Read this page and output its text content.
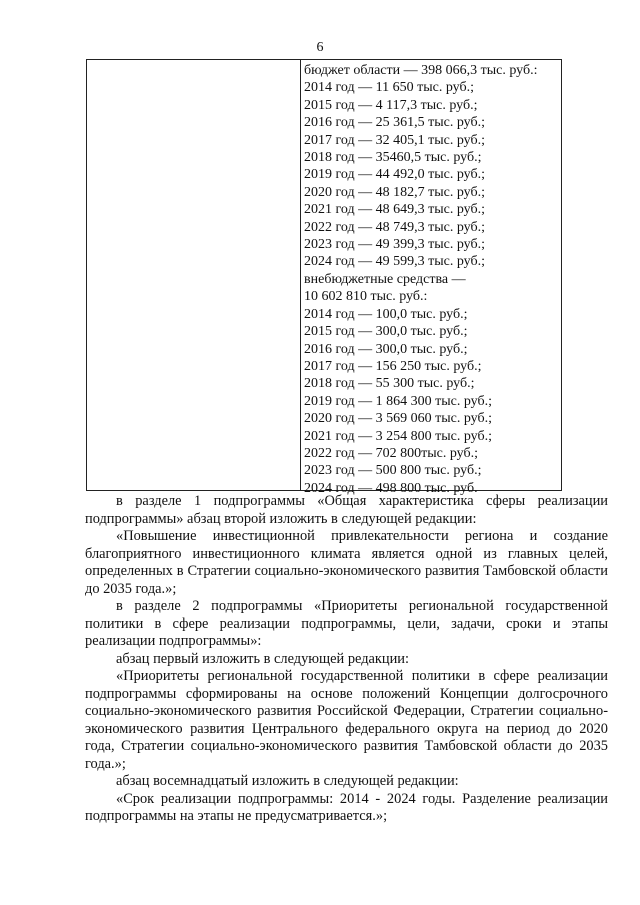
6
бюджет области — 398 066,3 тыс. руб.:
2014 год — 11 650 тыс. руб.;
2015 год — 4 117,3 тыс. руб.;
2016 год — 25 361,5 тыс. руб.;
2017 год — 32 405,1 тыс. руб.;
2018 год — 35460,5 тыс. руб.;
2019 год — 44 492,0 тыс. руб.;
2020 год — 48 182,7 тыс. руб.;
2021 год — 48 649,3 тыс. руб.;
2022 год — 48 749,3 тыс. руб.;
2023 год — 49 399,3 тыс. руб.;
2024 год — 49 599,3 тыс. руб.;
внебюджетные средства —
10 602 810 тыс. руб.:
2014 год — 100,0 тыс. руб.;
2015 год — 300,0 тыс. руб.;
2016 год — 300,0 тыс. руб.;
2017 год — 156 250 тыс. руб.;
2018 год — 55 300 тыс. руб.;
2019 год — 1 864 300 тыс. руб.;
2020 год — 3 569 060 тыс. руб.;
2021 год — 3 254 800 тыс. руб.;
2022 год — 702 800тыс. руб.;
2023 год — 500 800 тыс. руб.;
2024 год — 498 800 тыс. руб.

в разделе 1 подпрограммы «Общая характеристика сферы реализации подпрограммы» абзац второй изложить в следующей редакции:

«Повышение инвестиционной привлекательности региона и создание благоприятного инвестиционного климата является одной из главных целей, определенных в Стратегии социально-экономического развития Тамбовской области до 2035 года.»;

в разделе 2 подпрограммы «Приоритеты региональной государственной политики в сфере реализации подпрограммы, цели, задачи, сроки и этапы реализации подпрограммы»:

абзац первый изложить в следующей редакции:

«Приоритеты региональной государственной политики в сфере реализации подпрограммы сформированы на основе положений Концепции долгосрочного социально-экономического развития Российской Федерации, Стратегии социально-экономического развития Центрального федерального округа на период до 2020 года, Стратегии социально-экономического развития Тамбовской области до 2035 года.»;

абзац восемнадцатый изложить в следующей редакции:

«Срок реализации подпрограммы: 2014 - 2024 годы. Разделение реализации подпрограммы на этапы не предусматривается.»;
